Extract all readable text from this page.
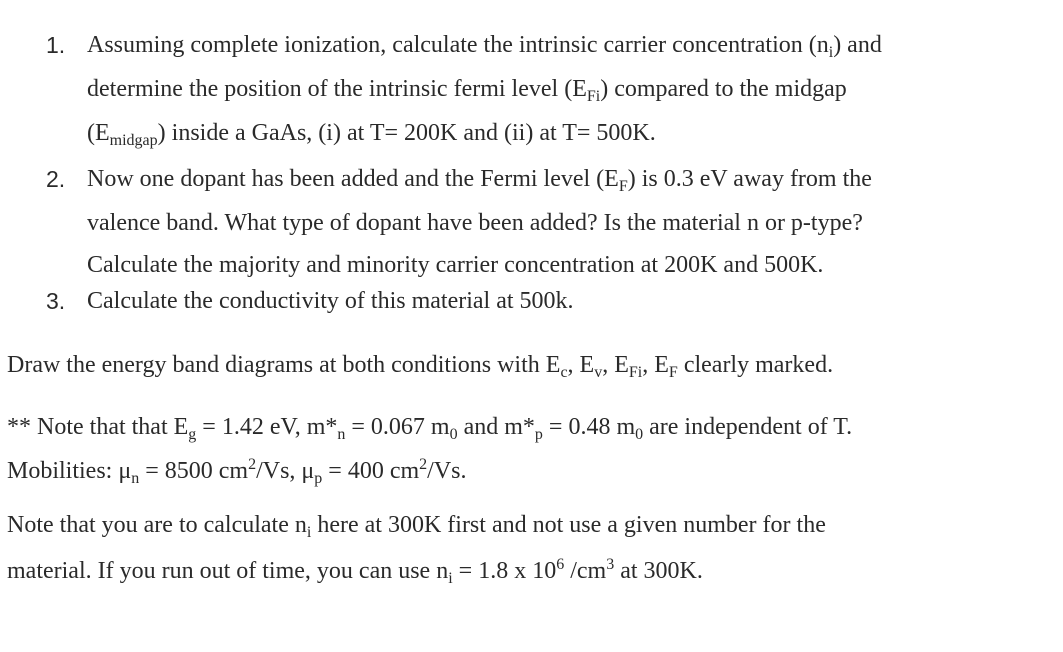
1. Assuming complete ionization, calculate the intrinsic carrier concentration $(n_i)$ and
determine the position of the intrinsic fermi level $(E_{Fi})$ compared to the midgap
$(E_{midgap})$ inside a GaAs, (i) at T= 200K and (ii) at T= 500K.
2. Now one dopant has been added and the Fermi level $(E_F)$ is 0.3 eV away from the
valence band. What type of dopant have been added? Is the material n or p-type?
Calculate the majority and minority carrier concentration at 200K and 500K.
3. Calculate the conductivity of this material at 500k.
Draw the energy band diagrams at both conditions with $E_c$, $E_v$, $E_{Fi}$, $E_F$ clearly marked.
** Note that that $E_g = 1.42$ eV, $m*_n = 0.067$ $m_0$ and $m*_p = 0.48$ $m_0$ are independent of T.
Mobilities: $\mu_n = 8500$ $cm^2/Vs$, $\mu_p = 400$ $cm^2/Vs$.
Note that you are to calculate $n_i$ here at 300K first and not use a given number for the
material. If you run out of time, you can use $n_i = 1.8$ x $10^6$ $/cm^3$ at 300K.
